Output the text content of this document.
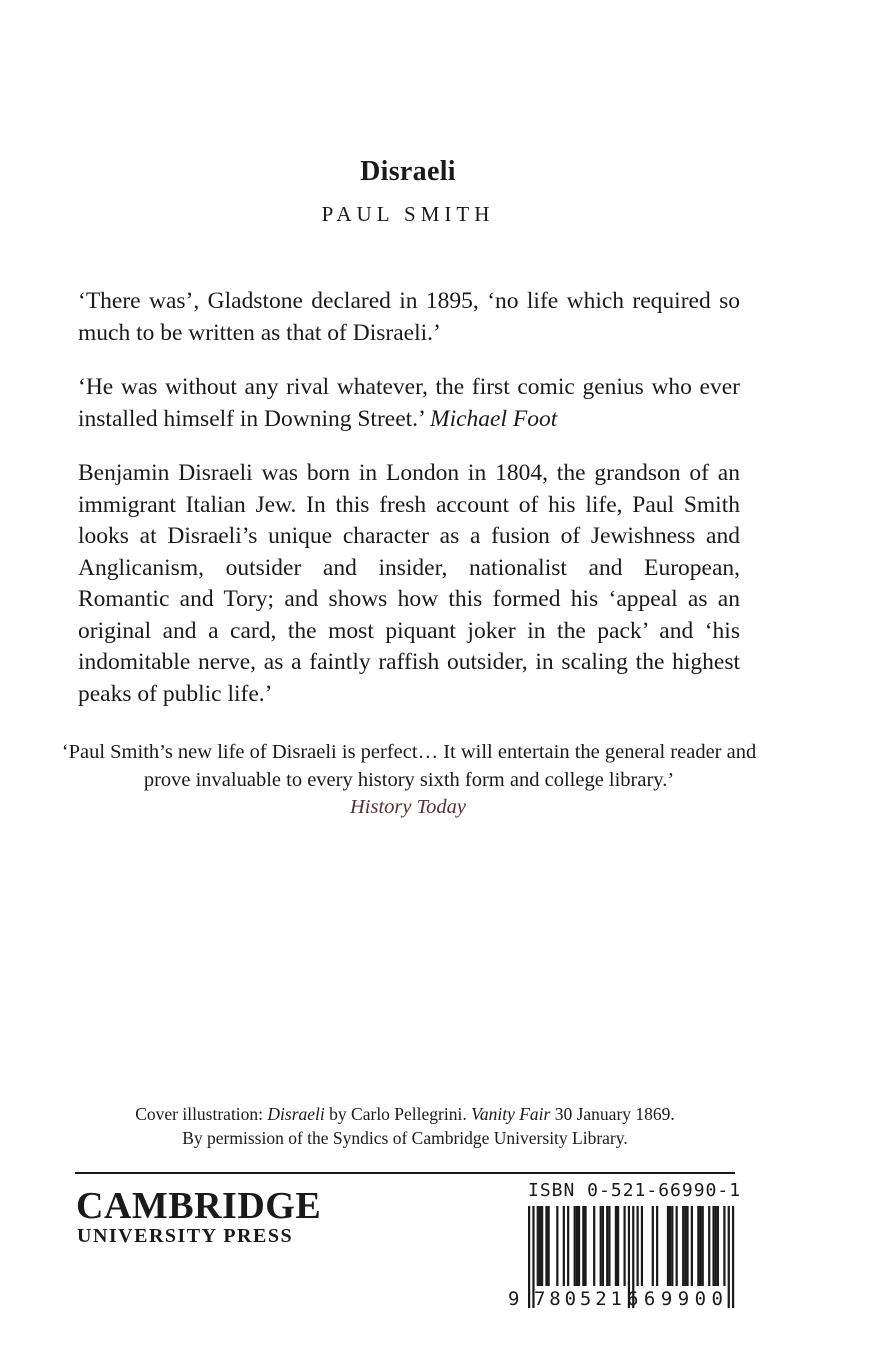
Disraeli
PAUL SMITH

‘There was’, Gladstone declared in 1895, ‘no life which required so much to be written as that of Disraeli.’

‘He was without any rival whatever, the first comic genius who ever installed himself in Downing Street.’ Michael Foot

Benjamin Disraeli was born in London in 1804, the grandson of an immigrant Italian Jew. In this fresh account of his life, Paul Smith looks at Disraeli’s unique character as a fusion of Jewishness and Anglicanism, outsider and insider, nationalist and European, Romantic and Tory; and shows how this formed his ‘appeal as an original and a card, the most piquant joker in the pack’ and ‘his indomitable nerve, as a faintly raffish outsider, in scaling the highest peaks of public life.’

‘Paul Smith’s new life of Disraeli is perfect… It will entertain the general reader and prove invaluable to every history sixth form and college library.’
History Today
Cover illustration: Disraeli by Carlo Pellegrini. Vanity Fair 30 January 1869.
By permission of the Syndics of Cambridge University Library.
CAMBRIDGE
UNIVERSITY PRESS
ISBN 0-521-66990-1
9 780521 669900
